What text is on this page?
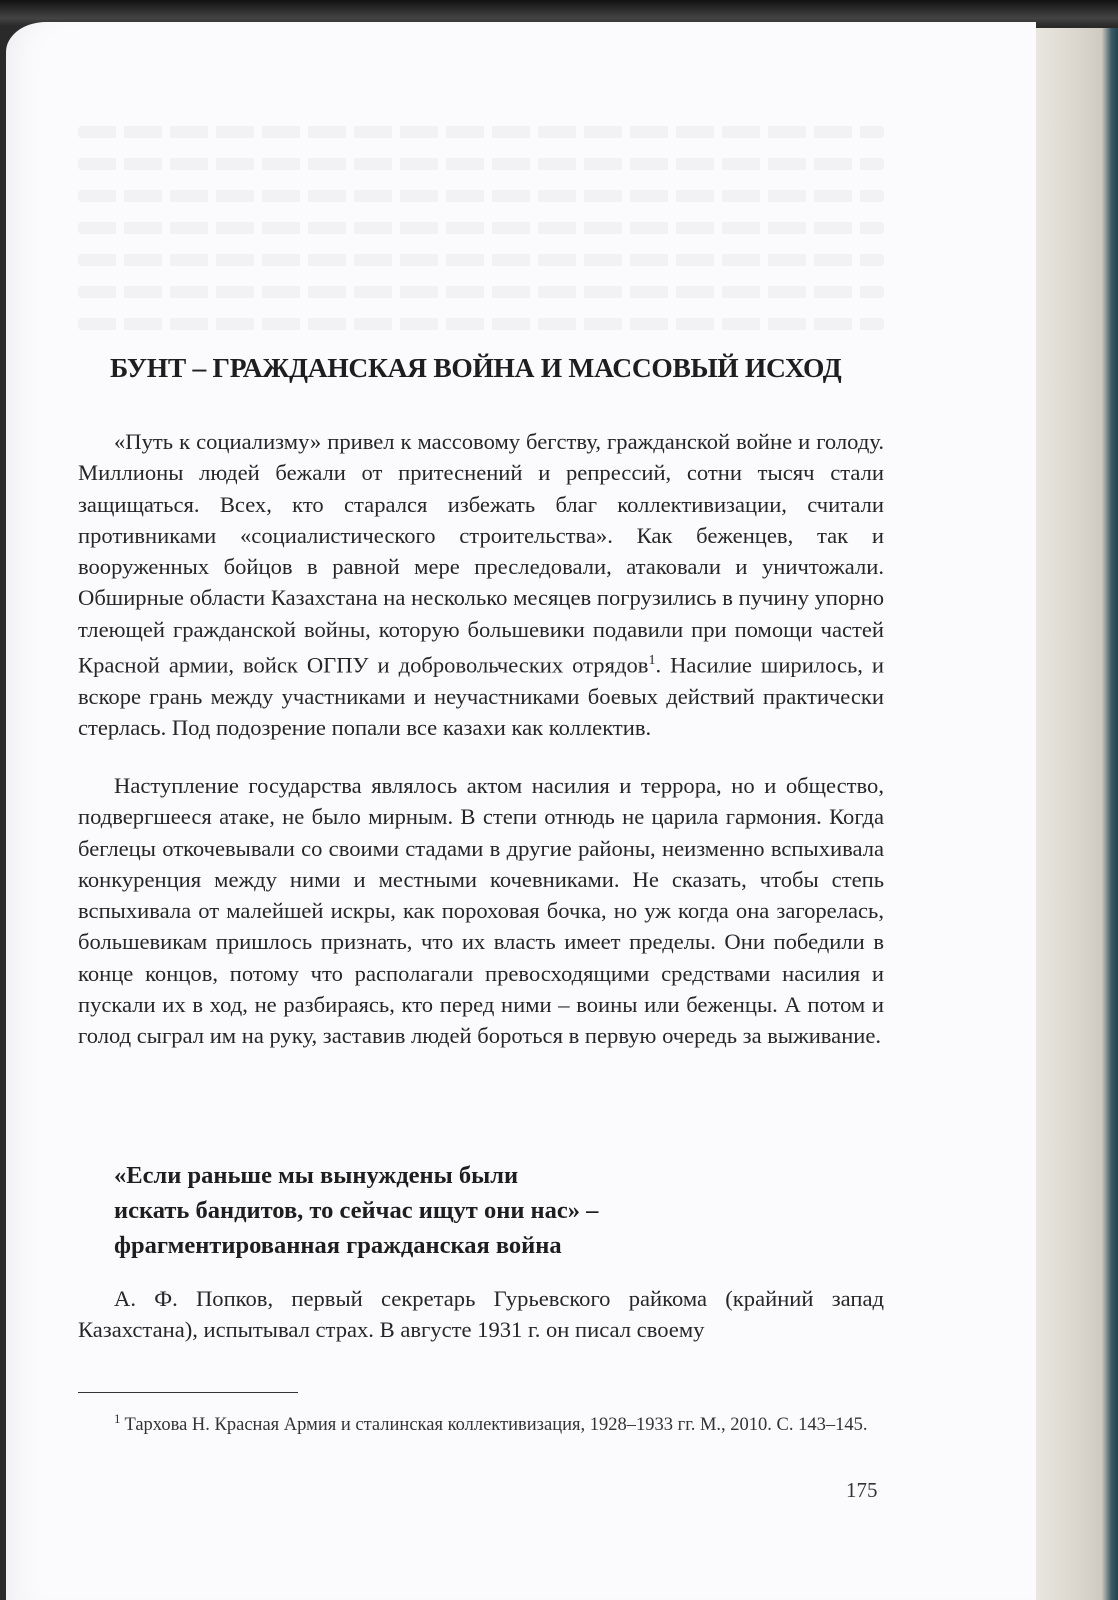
БУНТ – ГРАЖДАНСКАЯ ВОЙНА И МАССОВЫЙ ИСХОД

«Путь к социализму» привел к массовому бегству, гражданской войне и голоду. Миллионы людей бежали от притеснений и репрессий, сотни тысяч стали защищаться. Всех, кто старался избежать благ коллективизации, считали противниками «социалистического строительства». Как беженцев, так и вооруженных бойцов в равной мере преследовали, атаковали и уничтожали. Обширные области Казахстана на несколько месяцев погрузились в пучину упорно тлеющей гражданской войны, которую большевики подавили при помощи частей Красной армии, войск ОГПУ и добровольческих отрядов$^1$. Насилие ширилось, и вскоре грань между участниками и неучастниками боевых действий практически стерлась. Под подозрение попали все казахи как коллектив.

Наступление государства являлось актом насилия и террора, но и общество, подвергшееся атаке, не было мирным. В степи отнюдь не царила гармония. Когда беглецы откочевывали со своими стадами в другие районы, неизменно вспыхивала конкуренция между ними и местными кочевниками. Не сказать, чтобы степь вспыхивала от малейшей искры, как пороховая бочка, но уж когда она загорелась, большевикам пришлось признать, что их власть имеет пределы. Они победили в конце концов, потому что располагали превосходящими средствами насилия и пускали их в ход, не разбираясь, кто перед ними – воины или беженцы. А потом и голод сыграл им на руку, заставив людей бороться в первую очередь за выживание.

«Если раньше мы вынуждены были
искать бандитов, то сейчас ищут они нас» –
фрагментированная гражданская война

А. Ф. Попков, первый секретарь Гурьевского райкома (крайний запад Казахстана), испытывал страх. В августе 1931 г. он писал своему

$^1$ Тархова Н. Красная Армия и сталинская коллективизация, 1928–1933 гг. М., 2010. С. 143–145.
175
